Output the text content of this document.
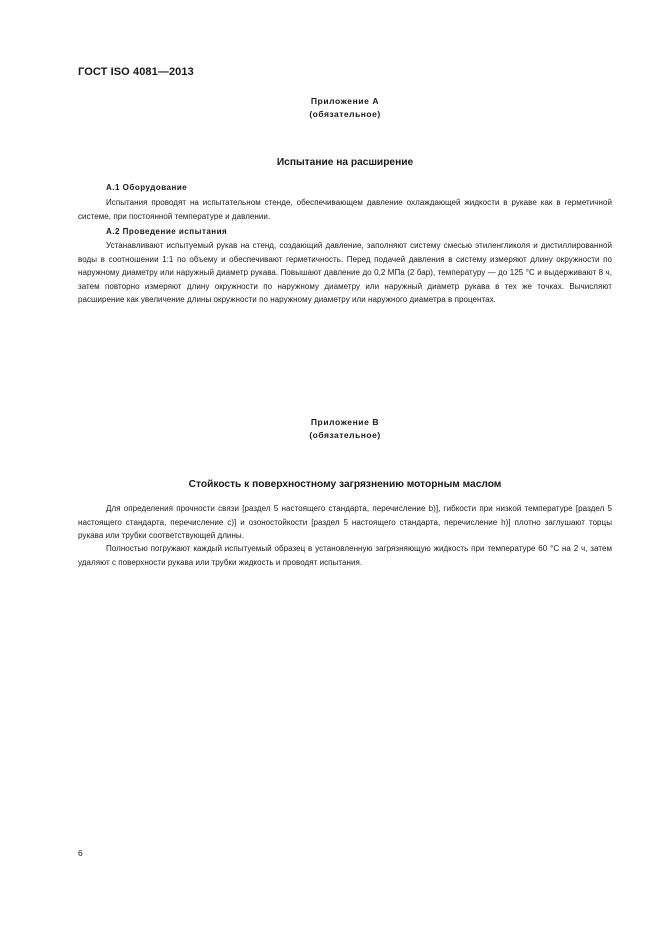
ГОСТ ISO 4081—2013
Приложение А
(обязательное)
Испытание на расширение
А.1 Оборудование

Испытания проводят на испытательном стенде, обеспечивающем давление охлаждающей жидкости в рукаве как в герметичной системе, при постоянной температуре и давлении.

А.2 Проведение испытания

Устанавливают испытуемый рукав на стенд, создающий давление, заполняют систему смесью этиленгликоля и дистиллированной воды в соотношении 1:1 по объему и обеспечивают герметичность. Перед подачей давления в систему измеряют длину окружности по наружному диаметру или наружный диаметр рукава. Повышают давление до 0,2 МПа (2 бар), температуру — до 125 °С и выдерживают 8 ч, затем повторно измеряют длину окружности по наружному диаметру или наружный диаметр рукава в тех же точках. Вычисляют расширение как увеличение длины окружности по наружному диаметру или наружного диаметра в процентах.

Приложение В
(обязательное)
Стойкость к поверхностному загрязнению моторным маслом

Для определения прочности связи [раздел 5 настоящего стандарта, перечисление b)], гибкости при низкой температуре [раздел 5 настоящего стандарта, перечисление с)] и озоностойкости [раздел 5 настоящего стандарта, перечисление h)] плотно заглушают торцы рукава или трубки соответствующей длины.

Полностью погружают каждый испытуемый образец в установленную загрязняющую жидкость при температуре 60 °С на 2 ч, затем удаляют с поверхности рукава или трубки жидкость и проводят испытания.

6
